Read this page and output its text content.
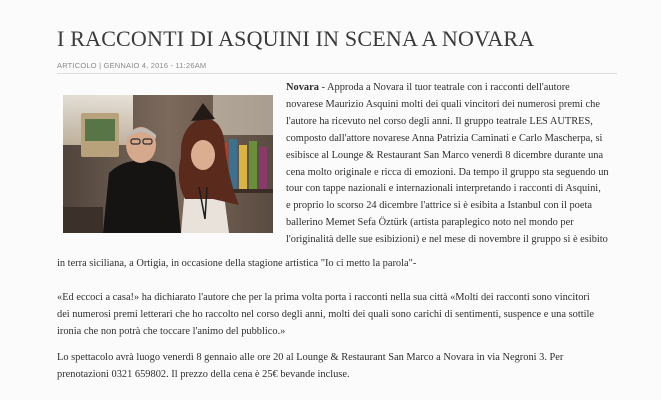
I RACCONTI DI ASQUINI IN SCENA A NOVARA
ARTICOLO | GENNAIO 4, 2016 - 11:26AM
Novara - Approda a Novara il tuor teatrale con i racconti dell'autore
novarese Maurizio Asquini molti dei quali vincitori dei numerosi premi che
l'autore ha ricevuto nel corso degli anni. Il gruppo teatrale LES AUTRES,
composto dall'attore novarese Anna Patrizia Caminati e Carlo Mascherpa, si
esibisce al Lounge & Restaurant San Marco venerdì 8 dicembre durante una
cena molto originale e ricca di emozioni. Da tempo il gruppo sta seguendo un
tour con tappe nazionali e internazionali interpretando i racconti di Asquini,
e proprio lo scorso 24 dicembre l'attrice si è esibita a Istanbul con il poeta
ballerino Memet Sefa Öztürk (artista paraplegico noto nel mondo per
l'originalità delle sue esibizioni) e nel mese di novembre il gruppo si è esibito
in terra siciliana, a Ortigia, in occasione della stagione artistica "Io ci metto la parola"-
«Ed eccoci a casa!» ha dichiarato l'autore che per la prima volta porta i racconti nella sua città «Molti dei racconti sono vincitori
dei numerosi premi letterari che ho raccolto nel corso degli anni, molti dei quali sono carichi di sentimenti, suspence e una sottile
ironia che non potrà che toccare l'animo del pubblico.»
Lo spettacolo avrà luogo venerdì 8 gennaio alle ore 20 al Lounge & Restaurant San Marco a Novara in via Negroni 3. Per
prenotazioni 0321 659802. Il prezzo della cena è 25€ bevande incluse.
